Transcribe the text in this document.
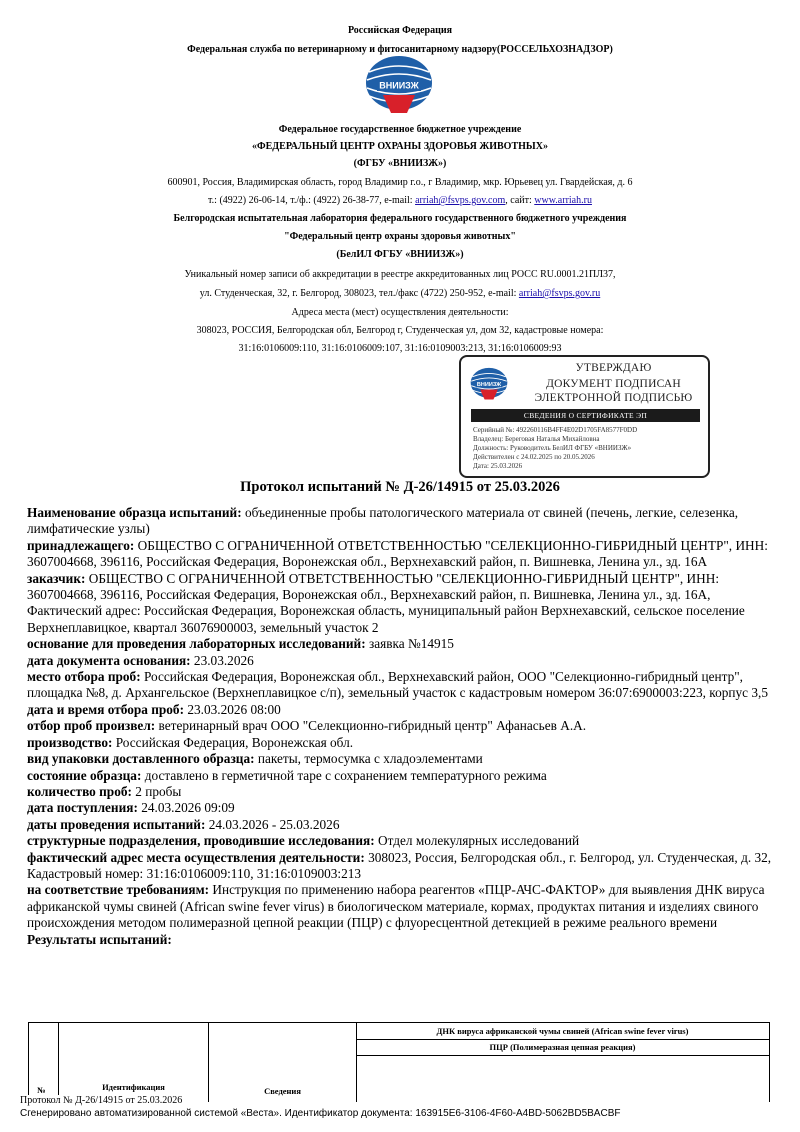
Российская Федерация
Федеральная служба по ветеринарному и фитосанитарному надзору(РОССЕЛЬХОЗНАДЗОР)
ВНИИЗЖ
Федеральное государственное бюджетное учреждение
«ФЕДЕРАЛЬНЫЙ ЦЕНТР ОХРАНЫ ЗДОРОВЬЯ ЖИВОТНЫХ»
(ФГБУ «ВНИИЗЖ»)
600901, Россия, Владимирская область, город Владимир г.о., г Владимир, мкр. Юрьевец ул. Гвардейская, д. 6
т.: (4922) 26-06-14, т./ф.: (4922) 26-38-77, e-mail: arriah@fsvps.gov.com, сайт: www.arriah.ru
Белгородская испытательная лаборатория федерального государственного бюджетного учреждения
"Федеральный центр охраны здоровья животных"
(БелИЛ ФГБУ «ВНИИЗЖ»)
Уникальный номер записи об аккредитации в реестре аккредитованных лиц РОСС RU.0001.21ПЛ37,
ул. Студенческая, 32, г. Белгород, 308023, тел./факс (4722) 250-952, e-mail: arriah@fsvps.gov.ru
Адреса места (мест) осуществления деятельности:
308023, РОССИЯ, Белгородская обл, Белгород г, Студенческая ул, дом 32, кадастровые номера:
31:16:0106009:110, 31:16:0106009:107, 31:16:0109003:213, 31:16:0106009:93
ВНИИЗЖ
УТВЕРЖДАЮ
ДОКУМЕНТ ПОДПИСАН
ЭЛЕКТРОННОЙ ПОДПИСЬЮ
СВЕДЕНИЯ О СЕРТИФИКАТЕ ЭП
Серийный №: 492260116B4FF4E02D1705FA8577F0DD
Владелец: Береговая Наталья Михайловна
Должность: Руководитель БелИЛ ФГБУ «ВНИИЗЖ»
Действителен с 24.02.2025 по 20.05.2026
Дата: 25.03.2026
Протокол испытаний № Д-26/14915 от 25.03.2026

Наименование образца испытаний: объединенные пробы патологического материала от свиней (печень, легкие, селезенка, лимфатические узлы)

принадлежащего: ОБЩЕСТВО С ОГРАНИЧЕННОЙ ОТВЕТСТВЕННОСТЬЮ "СЕЛЕКЦИОННО-ГИБРИДНЫЙ ЦЕНТР", ИНН: 3607004668, 396116, Российская Федерация, Воронежская обл., Верхнехавский район, п. Вишневка, Ленина ул., зд. 16А

заказчик: ОБЩЕСТВО С ОГРАНИЧЕННОЙ ОТВЕТСТВЕННОСТЬЮ "СЕЛЕКЦИОННО-ГИБРИДНЫЙ ЦЕНТР", ИНН: 3607004668, 396116, Российская Федерация, Воронежская обл., Верхнехавский район, п. Вишневка, Ленина ул., зд. 16А, Фактический адрес: Российская Федерация, Воронежская область, муниципальный район Верхнехавский, сельское поселение Верхнеплавицкое, квартал 36076900003, земельный участок 2

основание для проведения лабораторных исследований: заявка №14915

дата документа основания: 23.03.2026

место отбора проб: Российская Федерация, Воронежская обл., Верхнехавский район, ООО "Селекционно-гибридный центр", площадка №8, д. Архангельское (Верхнеплавицкое с/п), земельный участок с кадастровым номером 36:07:6900003:223, корпус 3,5

дата и время отбора проб: 23.03.2026 08:00

отбор проб произвел: ветеринарный врач ООО "Селекционно-гибридный центр" Афанасьев А.А.

производство: Российская Федерация, Воронежская обл.

вид упаковки доставленного образца: пакеты, термосумка с хладоэлементами

состояние образца: доставлено в герметичной таре с сохранением температурного режима

количество проб: 2 пробы

дата поступления: 24.03.2026 09:09

даты проведения испытаний: 24.03.2026 - 25.03.2026

структурные подразделения, проводившие исследования: Отдел молекулярных исследований

фактический адрес места осуществления деятельности: 308023, Россия, Белгородская обл., г. Белгород, ул. Студенческая, д. 32, Кадастровый номер: 31:16:0106009:110, 31:16:0109003:213

на соответствие требованиям: Инструкция по применению набора реагентов «ПЦР-АЧС-ФАКТОР» для выявления ДНК вируса африканской чумы свиней (African swine fever virus) в биологическом материале, кормах, продуктах питания и изделиях свиного происхождения методом полимеразной цепной реакции (ПЦР) с флуоресцентной детекцией в режиме реального времени

Результаты испытаний:

ДНК вируса африканской чумы свиней (African swine fever virus)
ПЦР (Полимеразная цепная реакция)
№	Идентификация	Сведения
Протокол № Д-26/14915 от 25.03.2026
Сгенерировано автоматизированной системой «Веста». Идентификатор документа: 163915E6-3106-4F60-A4BD-5062BD5BACBF
